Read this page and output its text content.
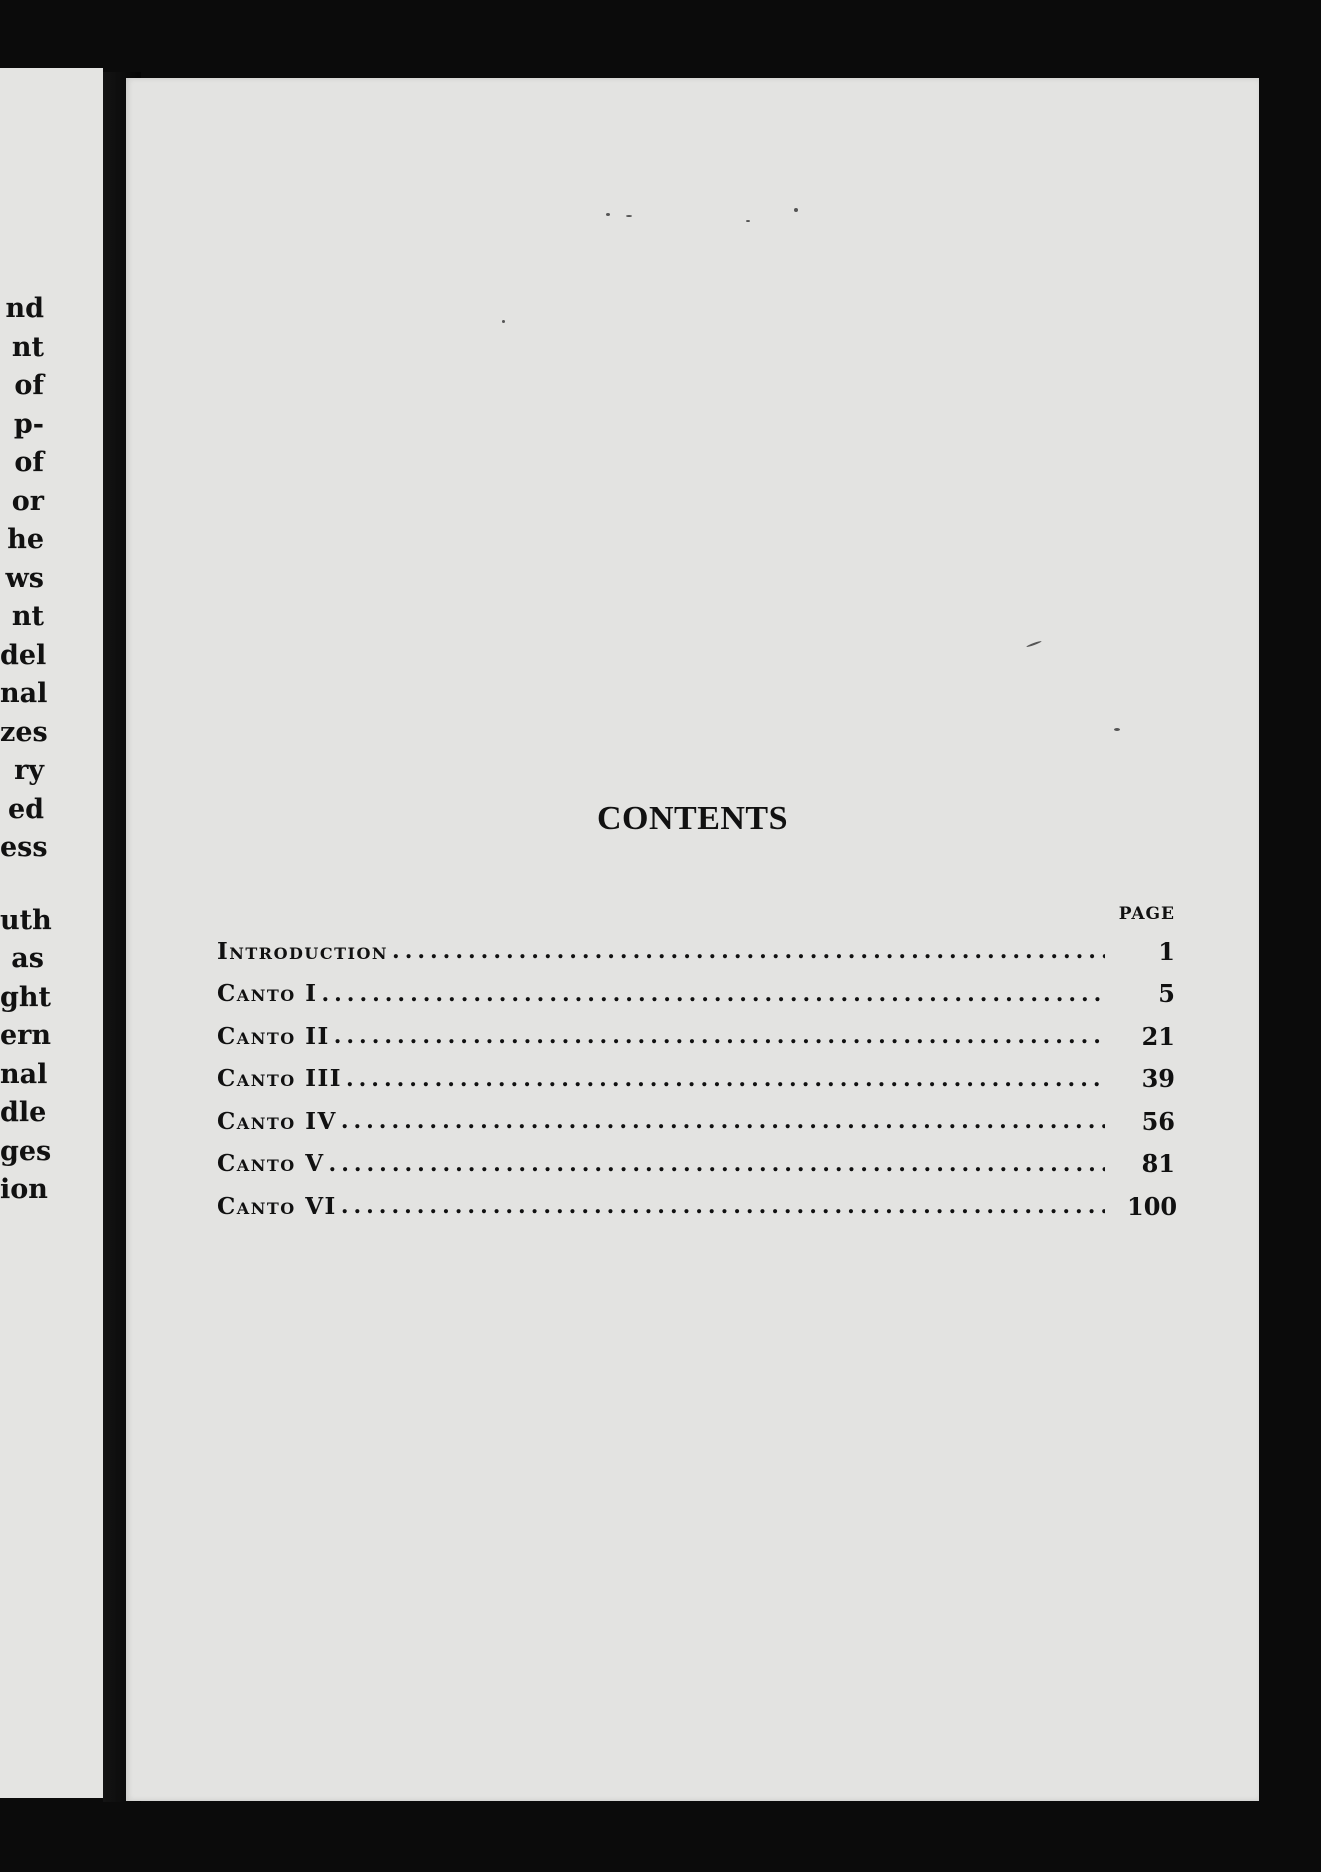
nd
nt
of
p-
of
or
he
ws
nt
del
nal
zes
ry
ed
ess
uth
as
ght
ern
nal
dle
ges
ion
CONTENTS
PAGE
Introduction .....	1
Canto I .....	5
Canto II .....	21
Canto III .....	39
Canto IV .....	56
Canto V .....	81
Canto VI .....	100
